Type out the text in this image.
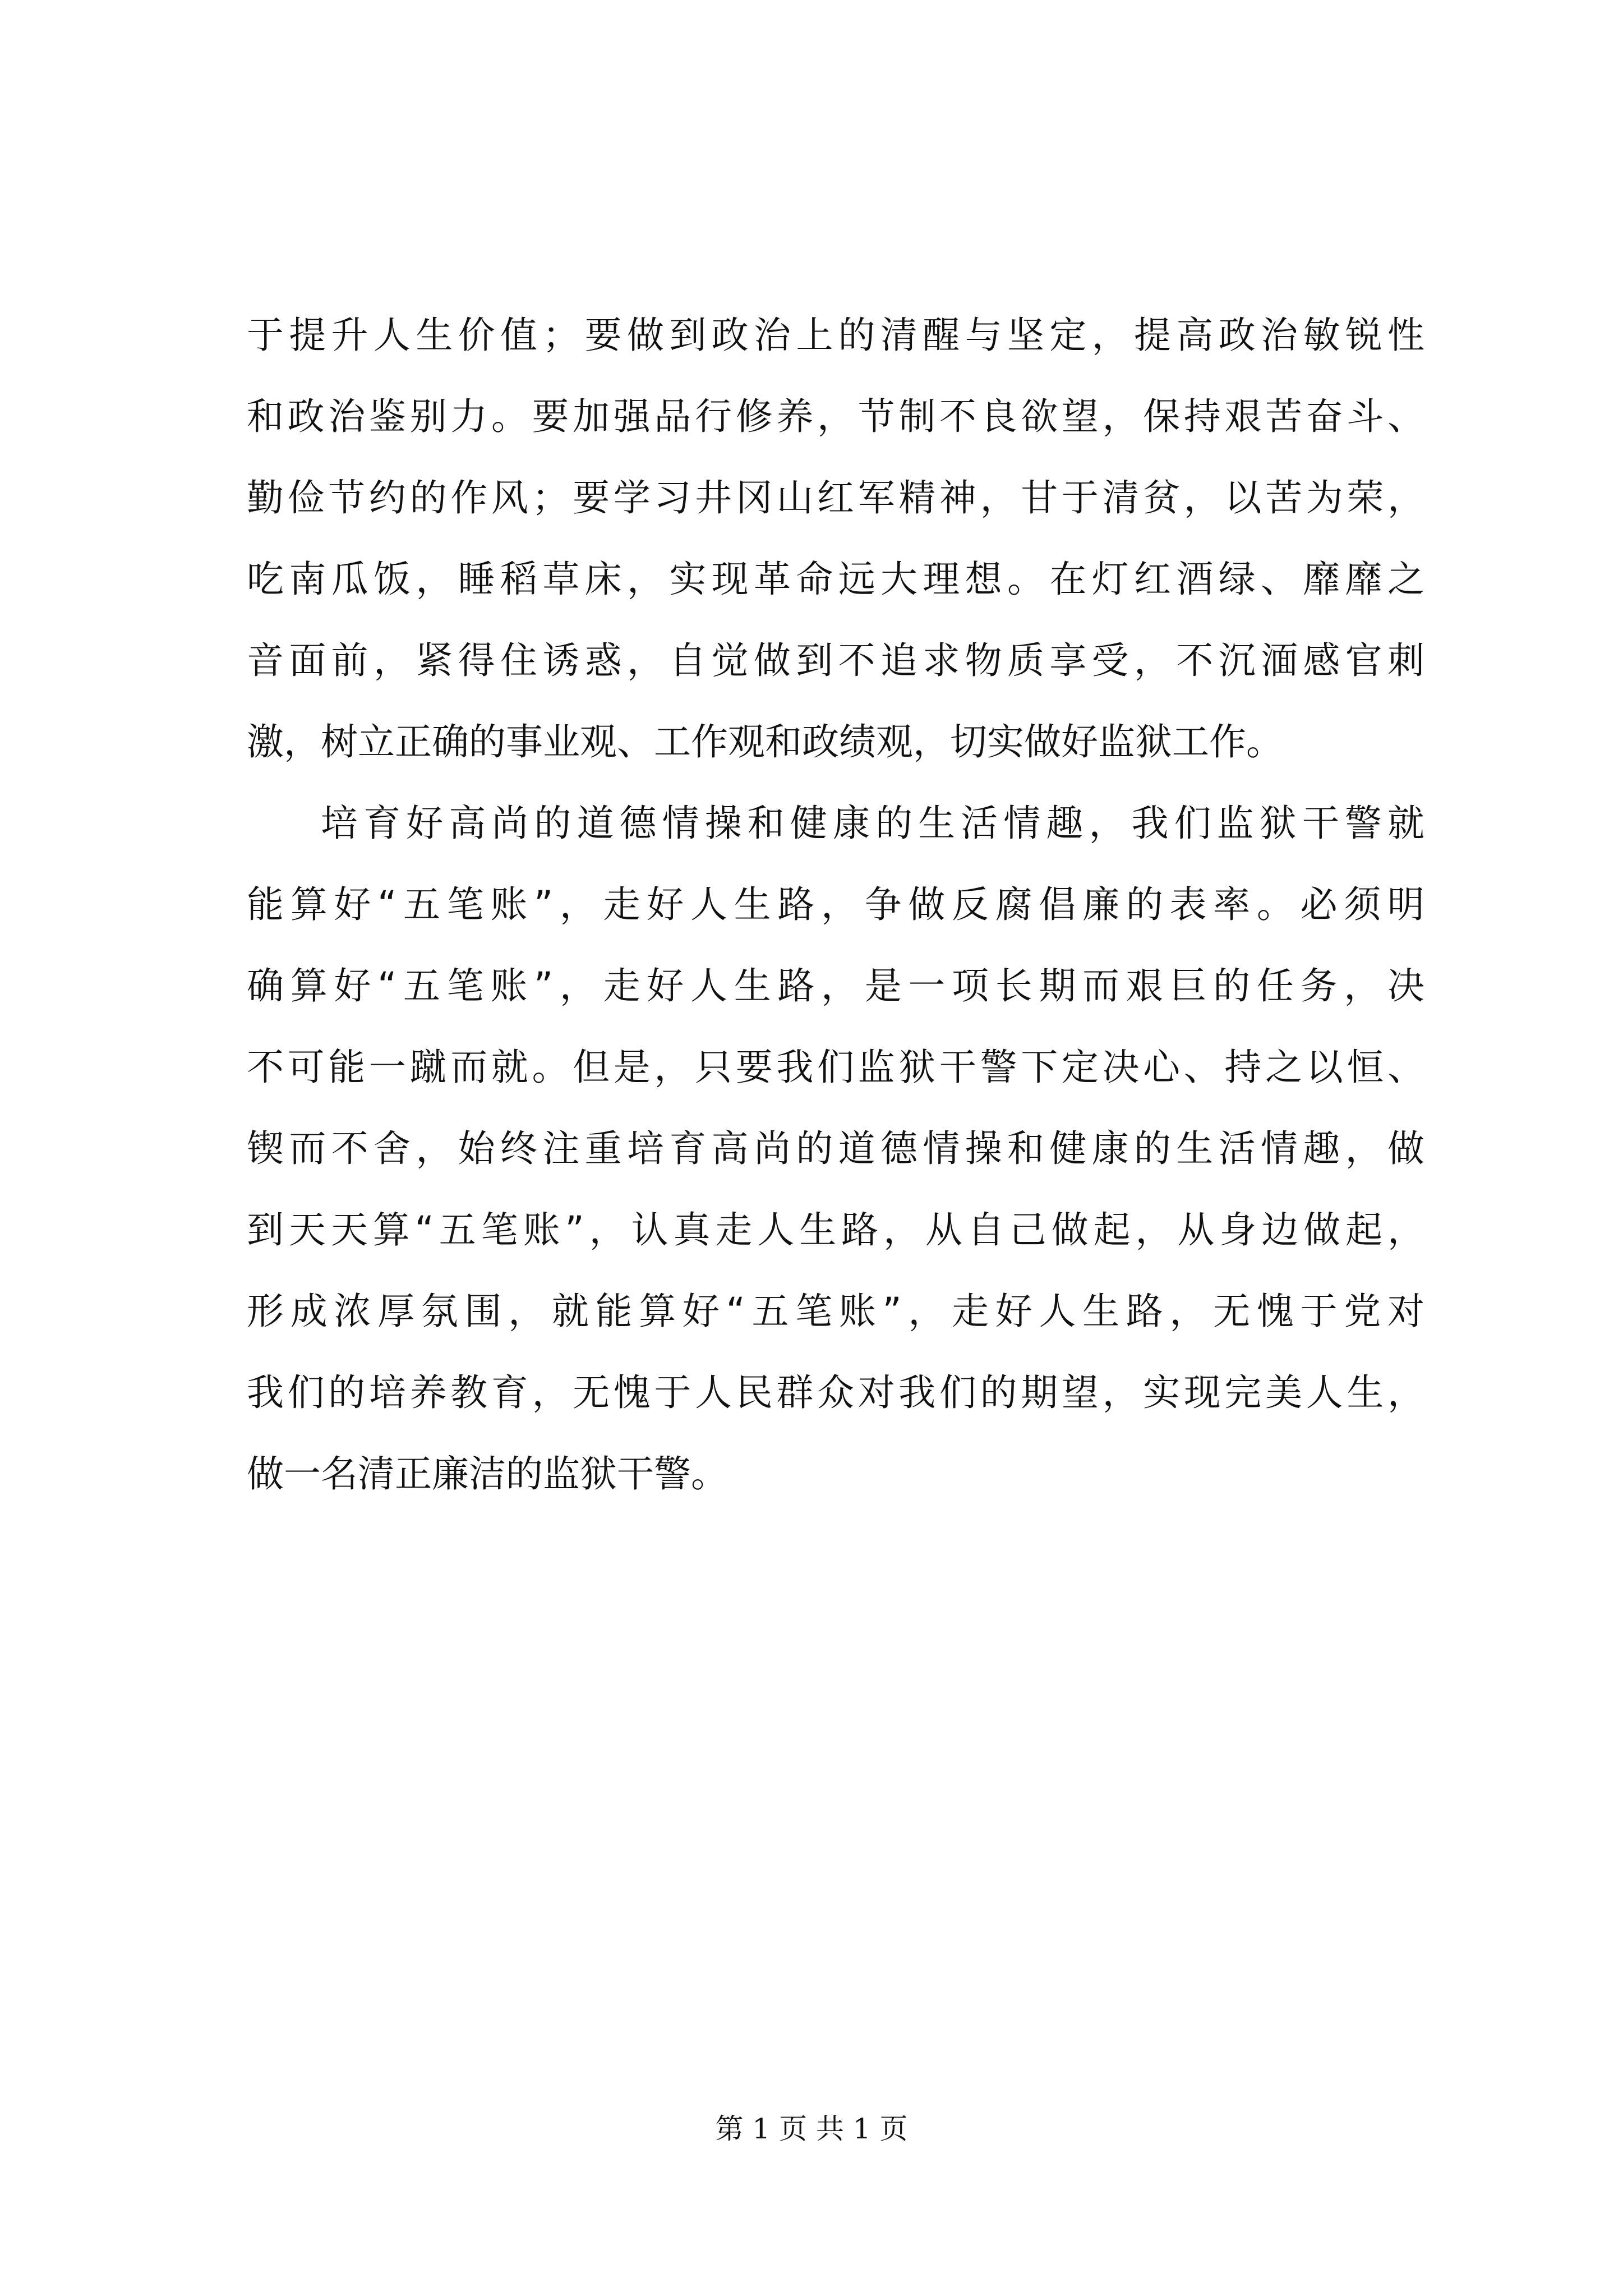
于提升人生价值；要做到政治上的清醒与坚定，提高政治敏锐性
和政治鉴别力。要加强品行修养，节制不良欲望，保持艰苦奋斗、
勤俭节约的作风；要学习井冈山红军精神，甘于清贫，以苦为荣，
吃南瓜饭，睡稻草床，实现革命远大理想。在灯红酒绿、靡靡之
音面前，紧得住诱惑，自觉做到不追求物质享受，不沉湎感官刺
激，树立正确的事业观、工作观和政绩观，切实做好监狱工作。
培育好高尚的道德情操和健康的生活情趣，我们监狱干警就
能算好“五笔账”，走好人生路，争做反腐倡廉的表率。必须明
确算好“五笔账”，走好人生路，是一项长期而艰巨的任务，决
不可能一蹴而就。但是，只要我们监狱干警下定决心、持之以恒、
锲而不舍，始终注重培育高尚的道德情操和健康的生活情趣，做
到天天算“五笔账”，认真走人生路，从自己做起，从身边做起，
形成浓厚氛围，就能算好“五笔账”，走好人生路，无愧于党对
我们的培养教育，无愧于人民群众对我们的期望，实现完美人生，
做一名清正廉洁的监狱干警。
第 1 页 共 1 页
